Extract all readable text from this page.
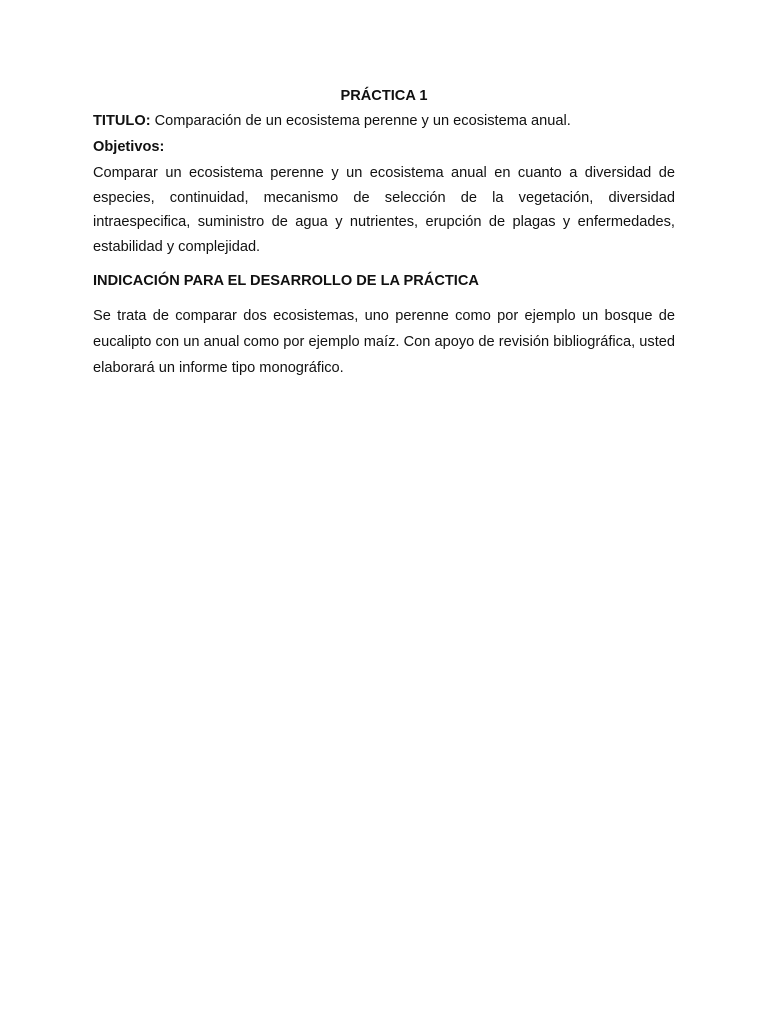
PRÁCTICA 1

TITULO: Comparación de un ecosistema perenne y un ecosistema anual.

Objetivos:

Comparar un ecosistema perenne y un ecosistema anual en cuanto a diversidad de especies, continuidad, mecanismo de selección de la vegetación, diversidad intraespecifica, suministro de agua y nutrientes, erupción de plagas y enfermedades, estabilidad y complejidad.

INDICACIÓN PARA EL DESARROLLO DE LA PRÁCTICA

Se trata de comparar dos ecosistemas, uno perenne como por ejemplo un bosque de eucalipto con un anual como por ejemplo maíz. Con apoyo de revisión bibliográfica, usted elaborará un informe tipo monográfico.
